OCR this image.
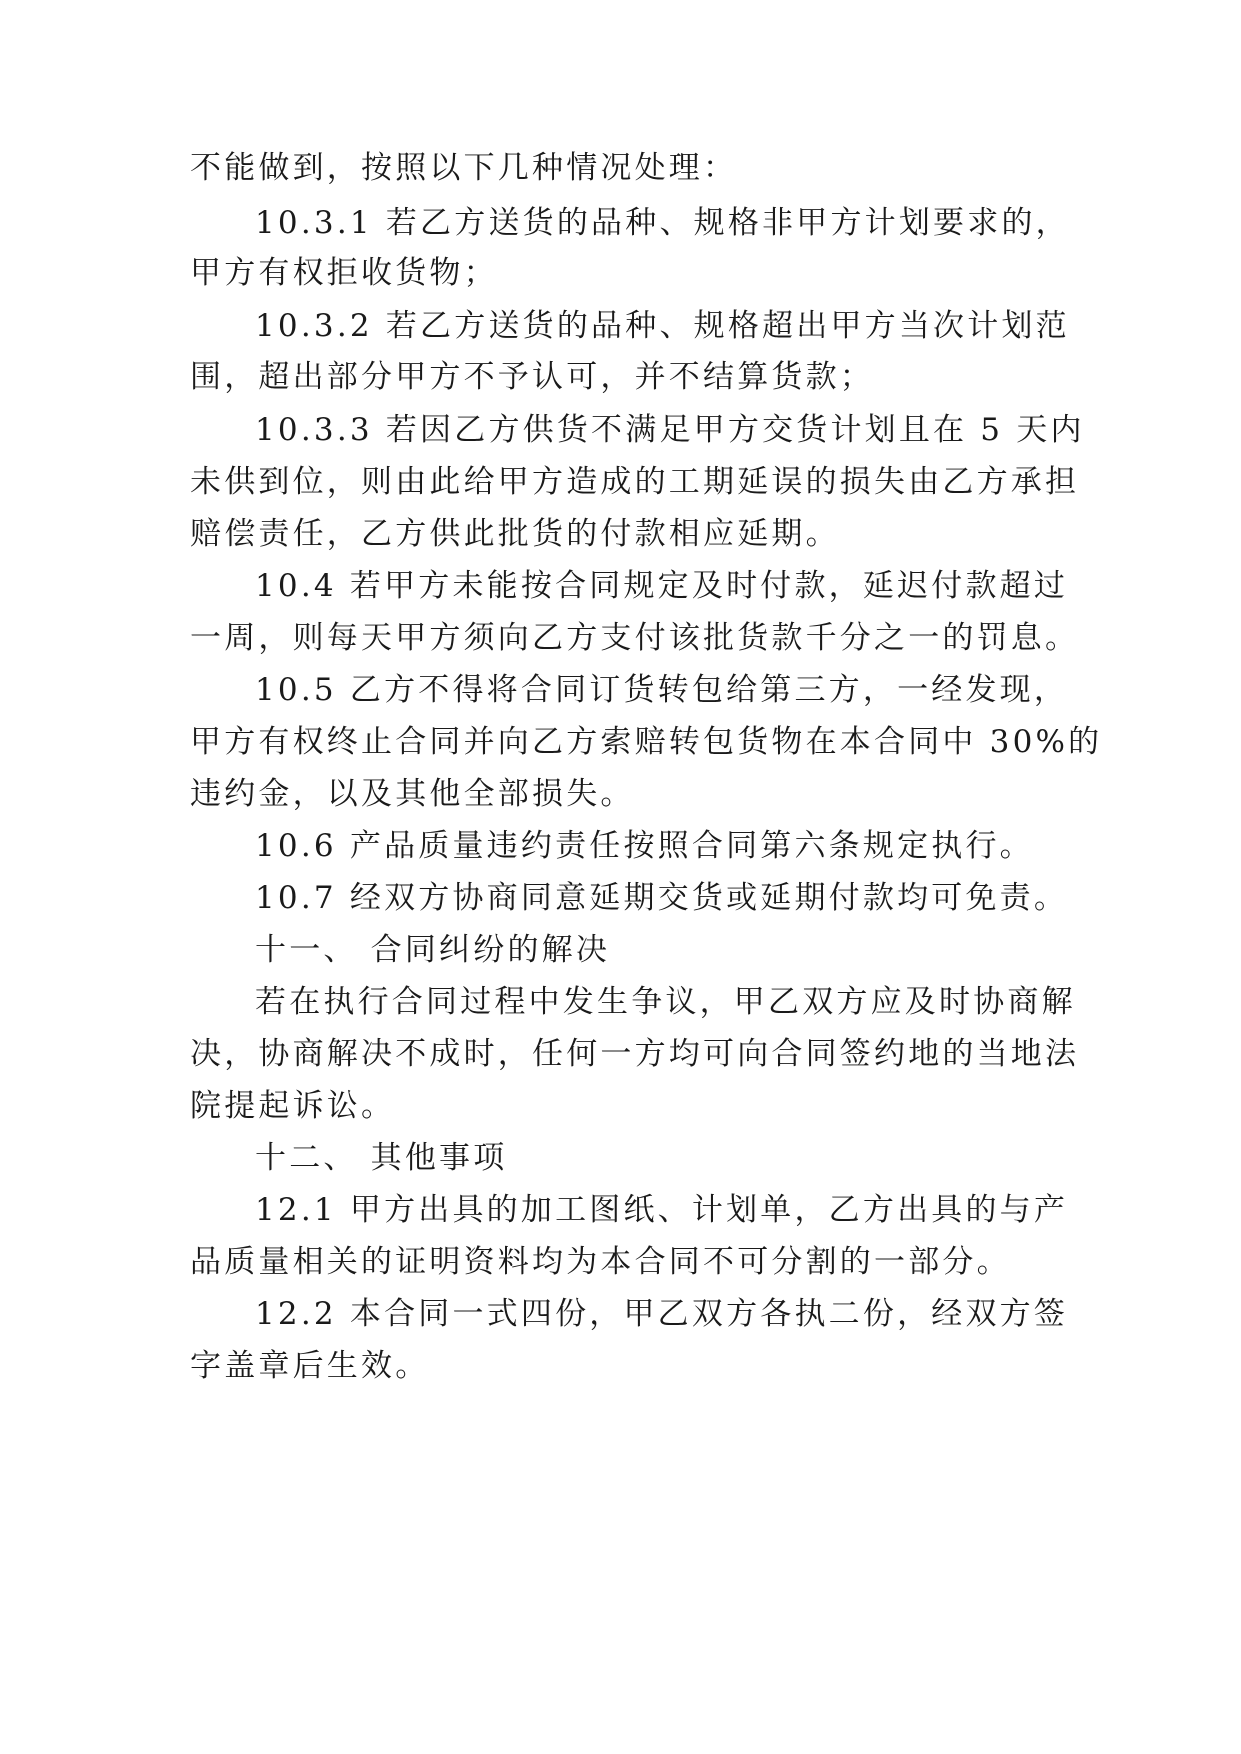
不能做到，按照以下几种情况处理：
10.3.1 若乙方送货的品种、规格非甲方计划要求的，
甲方有权拒收货物；
10.3.2 若乙方送货的品种、规格超出甲方当次计划范
围，超出部分甲方不予认可，并不结算货款；
10.3.3 若因乙方供货不满足甲方交货计划且在 5 天内
未供到位，则由此给甲方造成的工期延误的损失由乙方承担
赔偿责任，乙方供此批货的付款相应延期。
10.4 若甲方未能按合同规定及时付款，延迟付款超过
一周，则每天甲方须向乙方支付该批货款千分之一的罚息。
10.5 乙方不得将合同订货转包给第三方，一经发现，
甲方有权终止合同并向乙方索赔转包货物在本合同中 30%的
违约金，以及其他全部损失。
10.6 产品质量违约责任按照合同第六条规定执行。
10.7 经双方协商同意延期交货或延期付款均可免责。
十一、 合同纠纷的解决
若在执行合同过程中发生争议，甲乙双方应及时协商解
决，协商解决不成时，任何一方均可向合同签约地的当地法
院提起诉讼。
十二、 其他事项
12.1 甲方出具的加工图纸、计划单，乙方出具的与产
品质量相关的证明资料均为本合同不可分割的一部分。
12.2 本合同一式四份，甲乙双方各执二份，经双方签
字盖章后生效。
